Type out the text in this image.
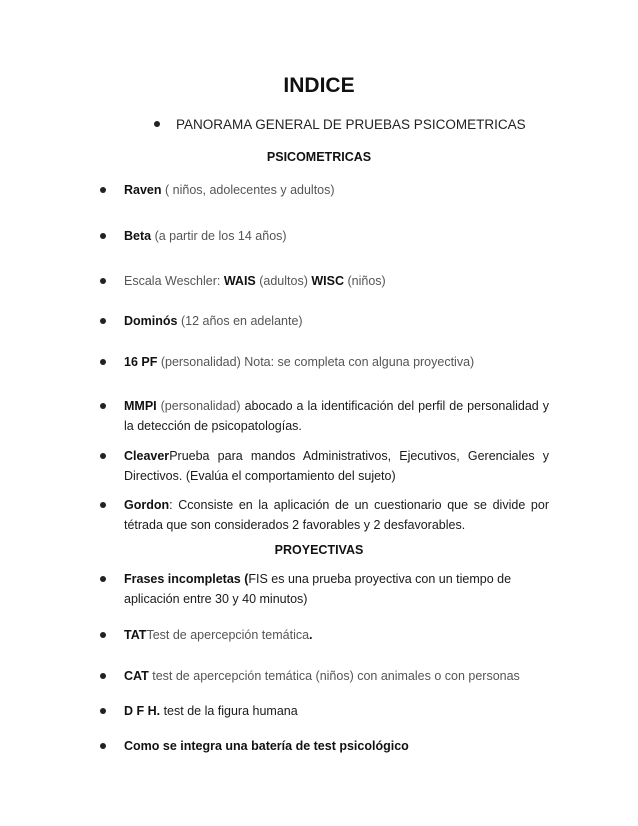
INDICE
PANORAMA GENERAL DE PRUEBAS PSICOMETRICAS
PSICOMETRICAS
Raven ( niños, adolecentes y adultos)
Beta (a partir de los 14 años)
Escala Weschler: WAIS (adultos) WISC (niños)
Dominós (12 años en adelante)
16 PF (personalidad) Nota: se completa con alguna proyectiva)
MMPI (personalidad) abocado a la identificación del perfil de personalidad y la detección de psicopatologías.
CleaverPrueba para mandos Administrativos, Ejecutivos, Gerenciales y Directivos. (Evalúa el comportamiento del sujeto)
Gordon: Cconsiste en la aplicación de un cuestionario que se divide por tétrada que son considerados 2 favorables y 2 desfavorables.
PROYECTIVAS
Frases incompletas (FIS es una prueba proyectiva con un tiempo de aplicación entre 30 y 40 minutos)
TATTest de apercepción temática.
CAT test de apercepción temática (niños) con animales o con personas
D F H. test de la figura humana
Como se integra una batería de test psicológico
